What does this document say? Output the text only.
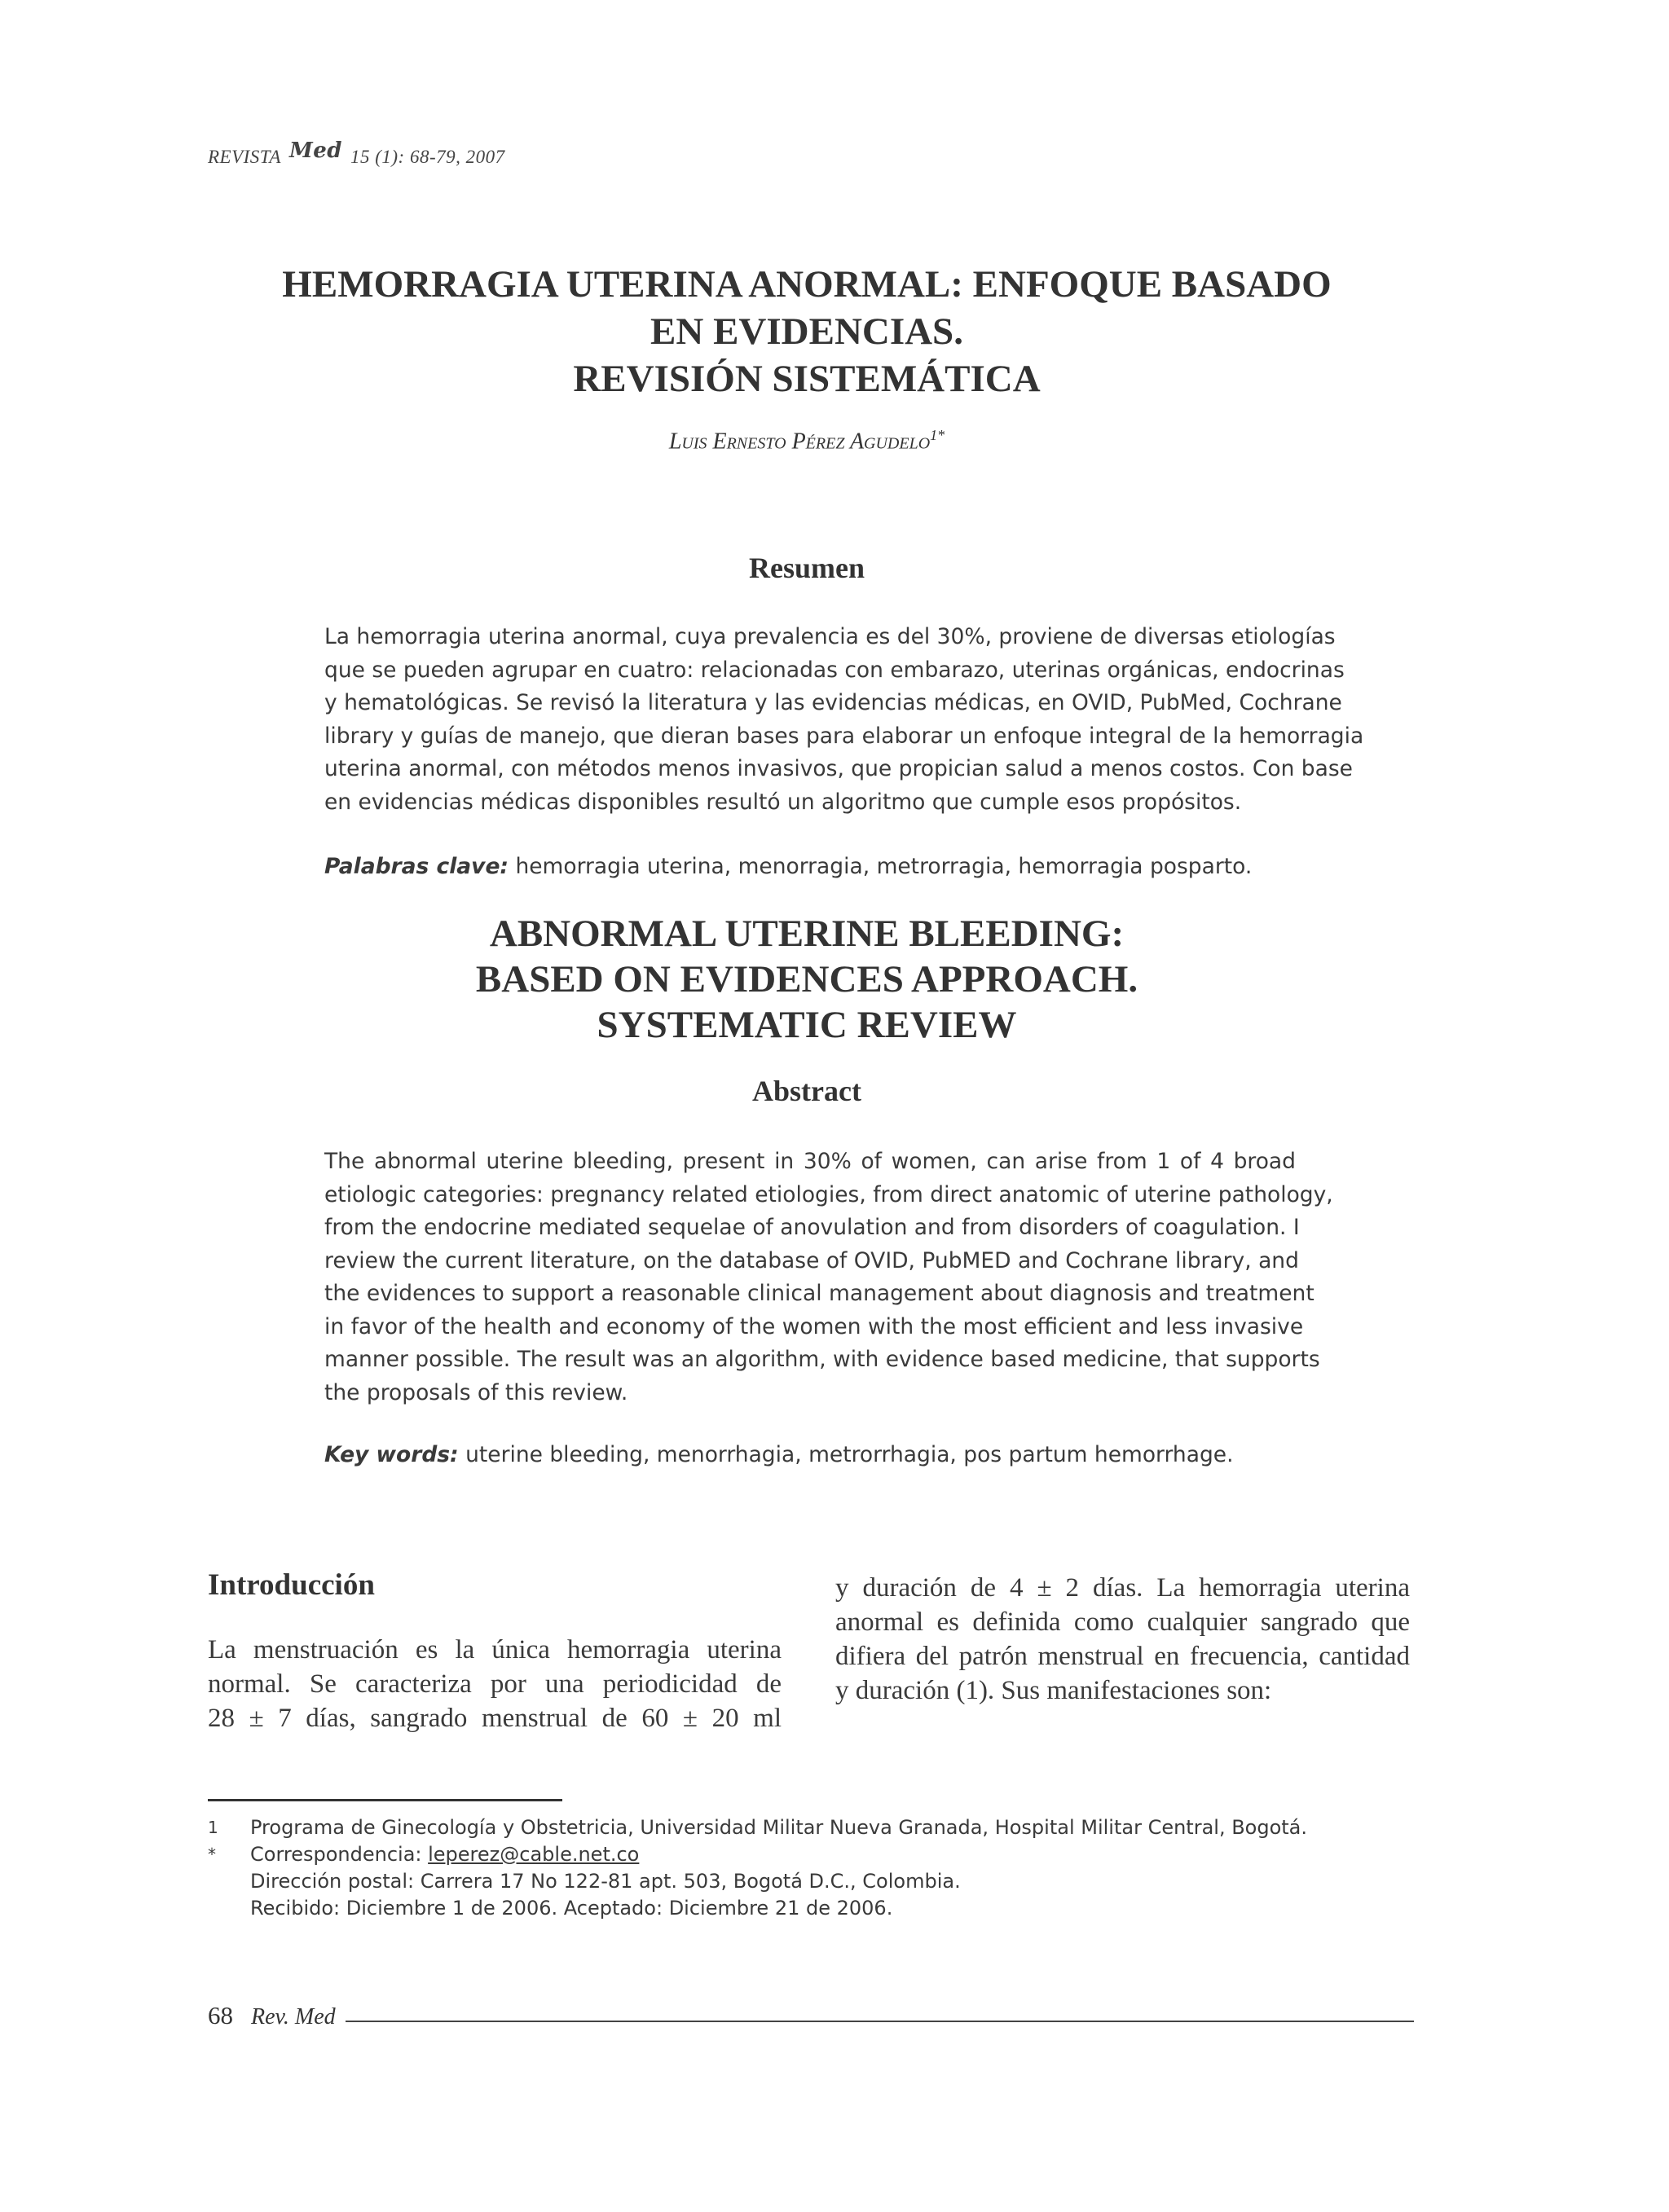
REVISTA Med 15 (1): 68-79, 2007
HEMORRAGIA UTERINA ANORMAL: ENFOQUE BASADO
EN EVIDENCIAS.
REVISIÓN SISTEMÁTICA
Luis Ernesto Pérez Agudelo$^{1*}$
Resumen
La hemorragia uterina anormal, cuya prevalencia es del 30%, proviene de diversas etiologías
que se pueden agrupar en cuatro: relacionadas con embarazo, uterinas orgánicas, endocrinas
y hematológicas. Se revisó la literatura y las evidencias médicas, en OVID, PubMed, Cochrane
library y guías de manejo, que dieran bases para elaborar un enfoque integral de la hemorragia
uterina anormal, con métodos menos invasivos, que propician salud a menos costos. Con base
en evidencias médicas disponibles resultó un algoritmo que cumple esos propósitos.
Palabras clave: hemorragia uterina, menorragia, metrorragia, hemorragia posparto.
ABNORMAL UTERINE BLEEDING:
BASED ON EVIDENCES APPROACH.
SYSTEMATIC REVIEW
Abstract
The abnormal uterine bleeding, present in 30% of women, can arise from 1 of 4 broad
etiologic categories: pregnancy related etiologies, from direct anatomic of uterine pathology,
from the endocrine mediated sequelae of anovulation and from disorders of coagulation. I
review the current literature, on the database of OVID, PubMED and Cochrane library, and
the evidences to support a reasonable clinical management about diagnosis and treatment
in favor of the health and economy of the women with the most efficient and less invasive
manner possible. The result was an algorithm, with evidence based medicine, that supports
the proposals of this review.
Key words: uterine bleeding, menorrhagia, metrorrhagia, pos partum hemorrhage.
Introducción
La menstruación es la única hemorragia uterina
normal. Se caracteriza por una periodicidad de
28 ± 7 días, sangrado menstrual de 60 ± 20 ml
y duración de 4 ± 2 días. La hemorragia uterina
anormal es definida como cualquier sangrado que
difiera del patrón menstrual en frecuencia, cantidad
y duración (1). Sus manifestaciones son:
1	Programa de Ginecología y Obstetricia, Universidad Militar Nueva Granada, Hospital Militar Central, Bogotá.
*	Correspondencia: leperez@cable.net.co
Dirección postal: Carrera 17 No 122-81 apt. 503, Bogotá D.C., Colombia.
Recibido: Diciembre 1 de 2006. Aceptado: Diciembre 21 de 2006.
68 Rev. Med
